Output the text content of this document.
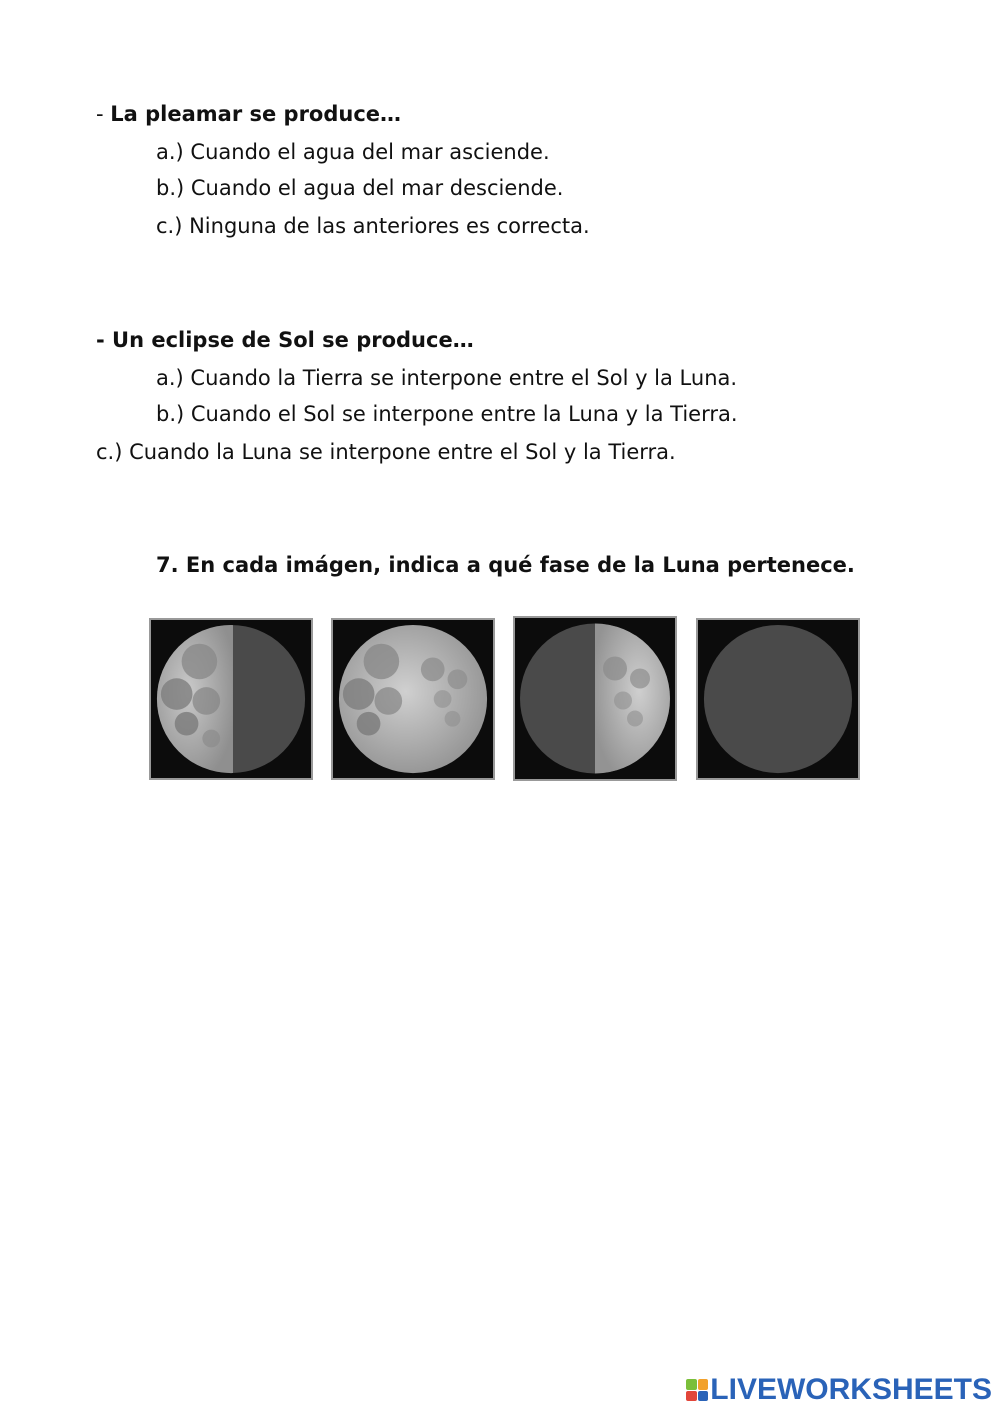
- La pleamar se produce…
a.) Cuando el agua del mar asciende.
b.) Cuando el agua del mar desciende.
c.) Ninguna de las anteriores es correcta.
- Un eclipse de Sol se produce…
a.) Cuando la Tierra se interpone entre el Sol y la Luna.
b.) Cuando el Sol se interpone entre la Luna y la Tierra.
c.) Cuando la Luna se interpone entre el Sol y la Tierra.
7. En cada imágen, indica a qué fase de la Luna pertenece.
LIVEWORKSHEETS
